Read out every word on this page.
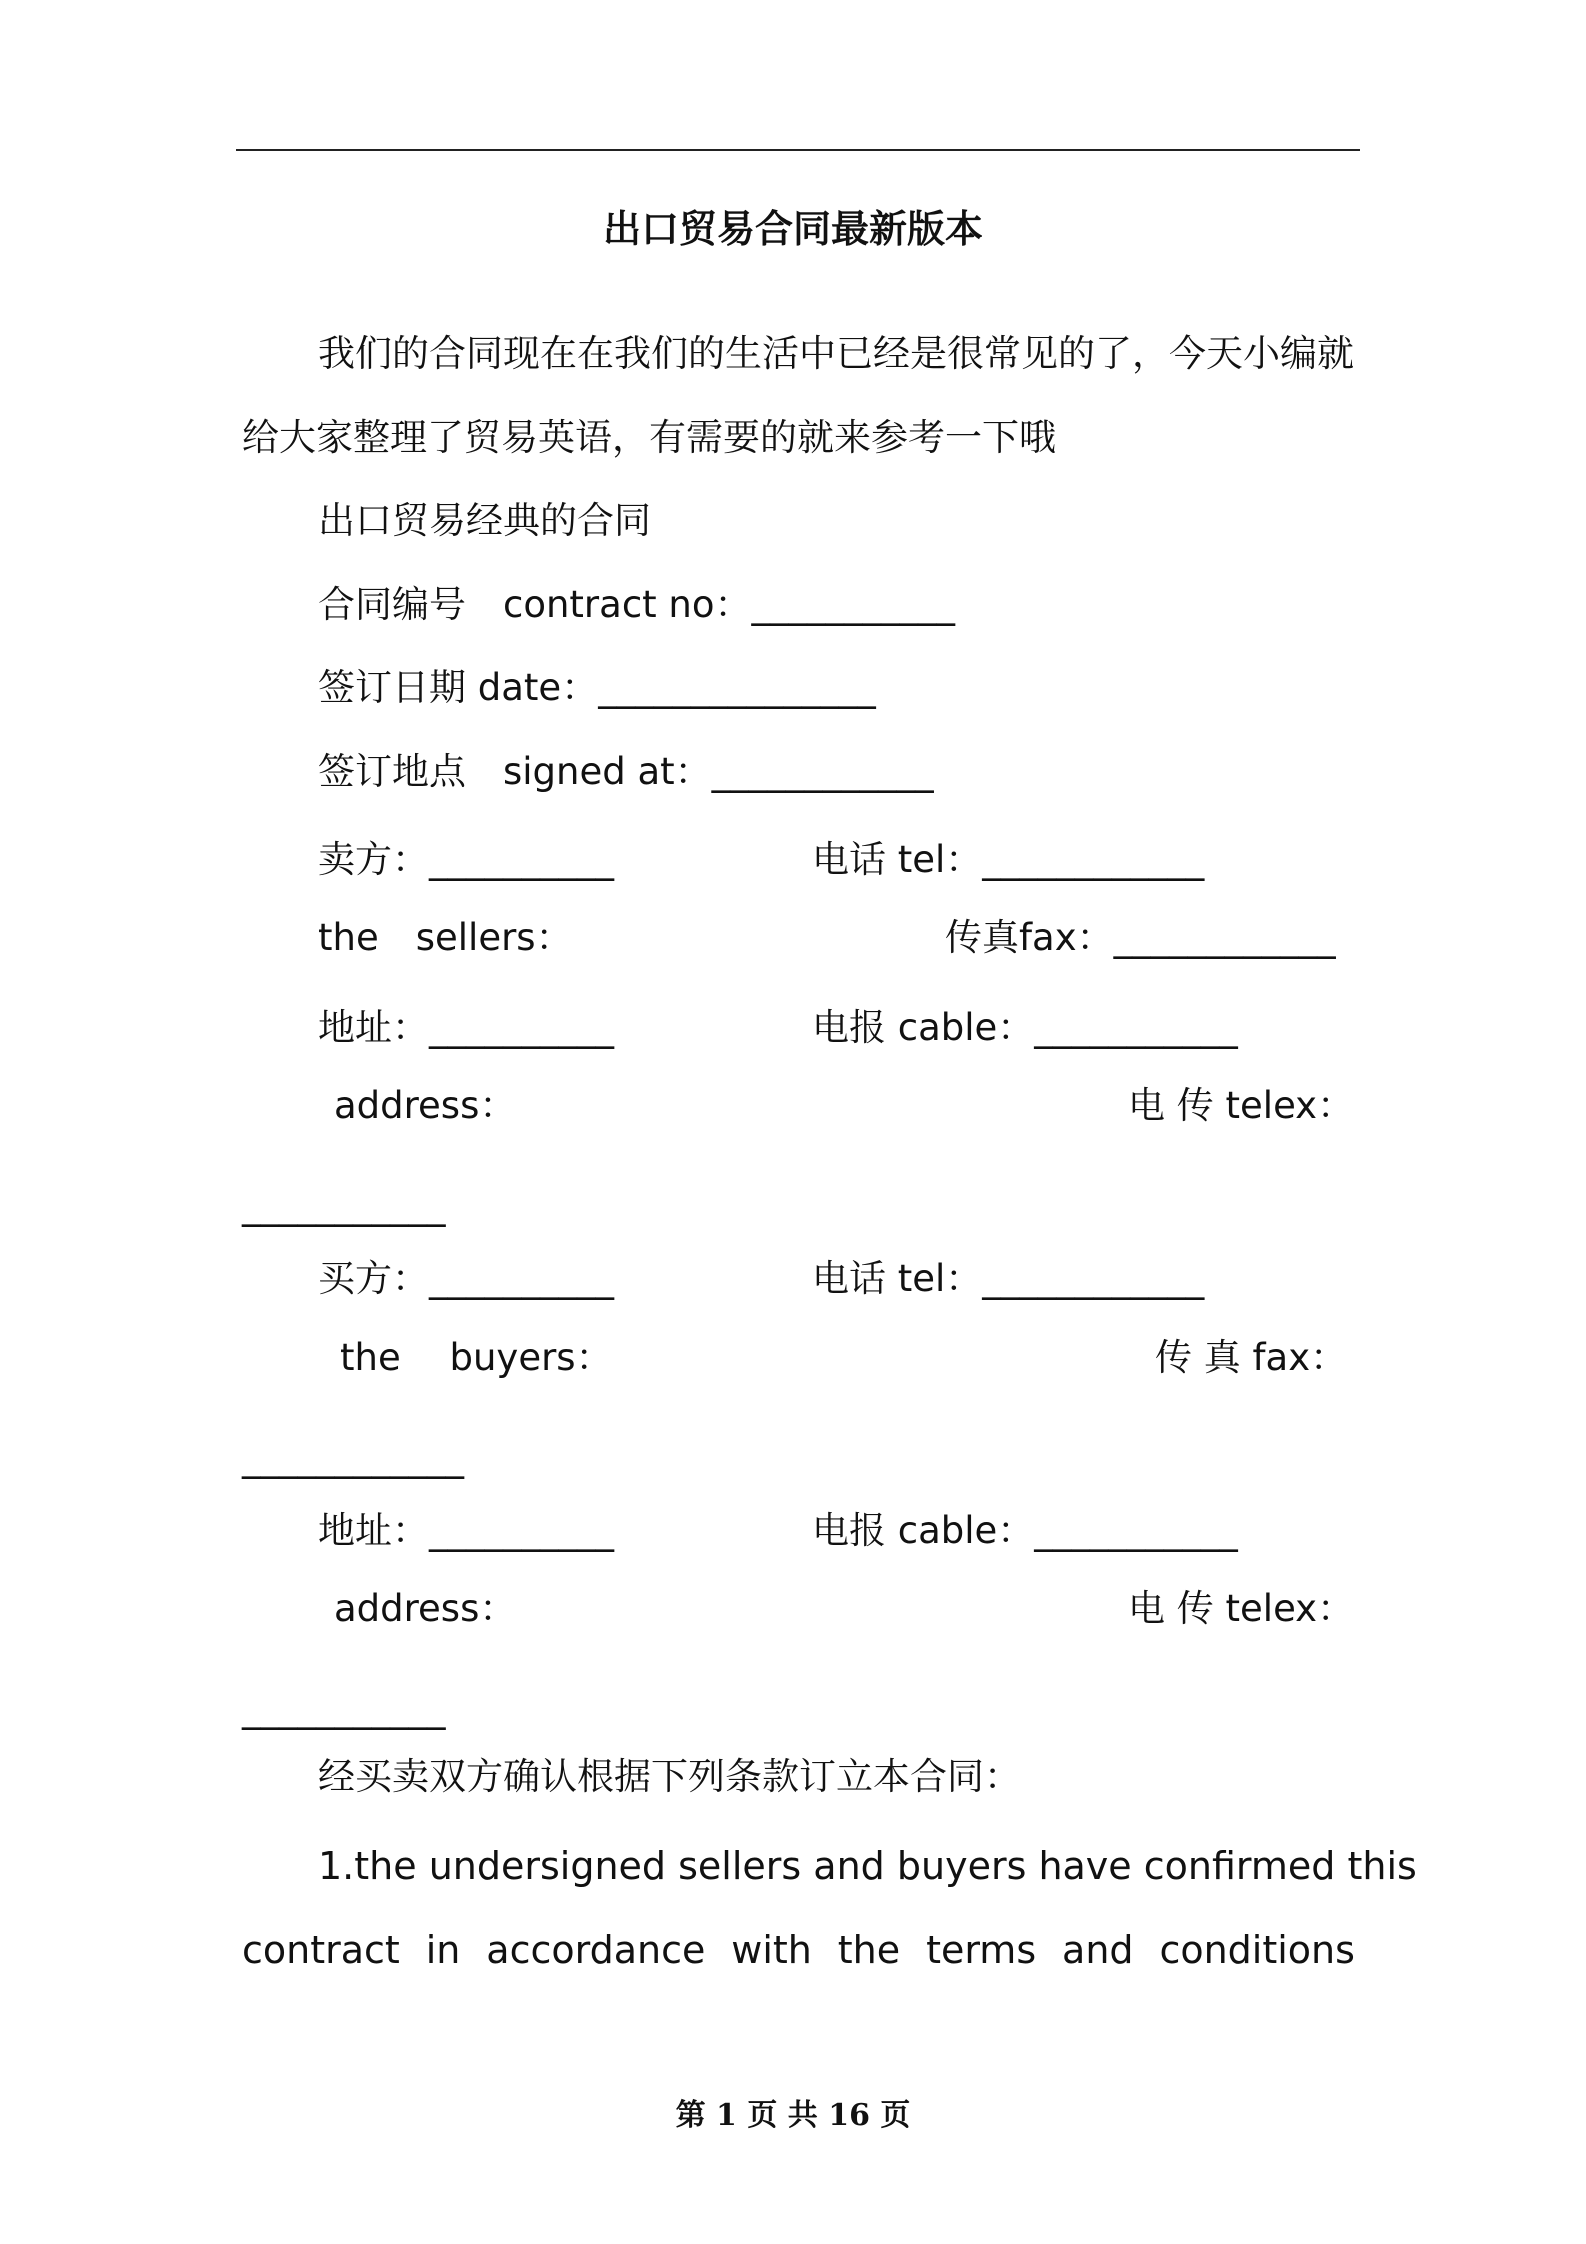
出口贸易合同最新版本
我们的合同现在在我们的生活中已经是很常见的了，今天小编就
给大家整理了贸易英语，有需要的就来参考一下哦
出口贸易经典的合同
合同编号　contract no：___________
签订日期 date：_______________
签订地点　signed at：____________
卖方：__________	电话 tel：____________
the　sellers：	传真fax：____________
地址：__________	电报 cable：___________
address：	电 传 telex：
___________
买方：__________	电话 tel：____________
the　 buyers：	传 真 fax：
____________
地址：__________	电报 cable：___________
address：	电 传 telex：
___________
经买卖双方确认根据下列条款订立本合同：
1.the undersigned sellers and buyers have confirmed this
contract in accordance with the terms and conditions
第 1 页 共 16 页
